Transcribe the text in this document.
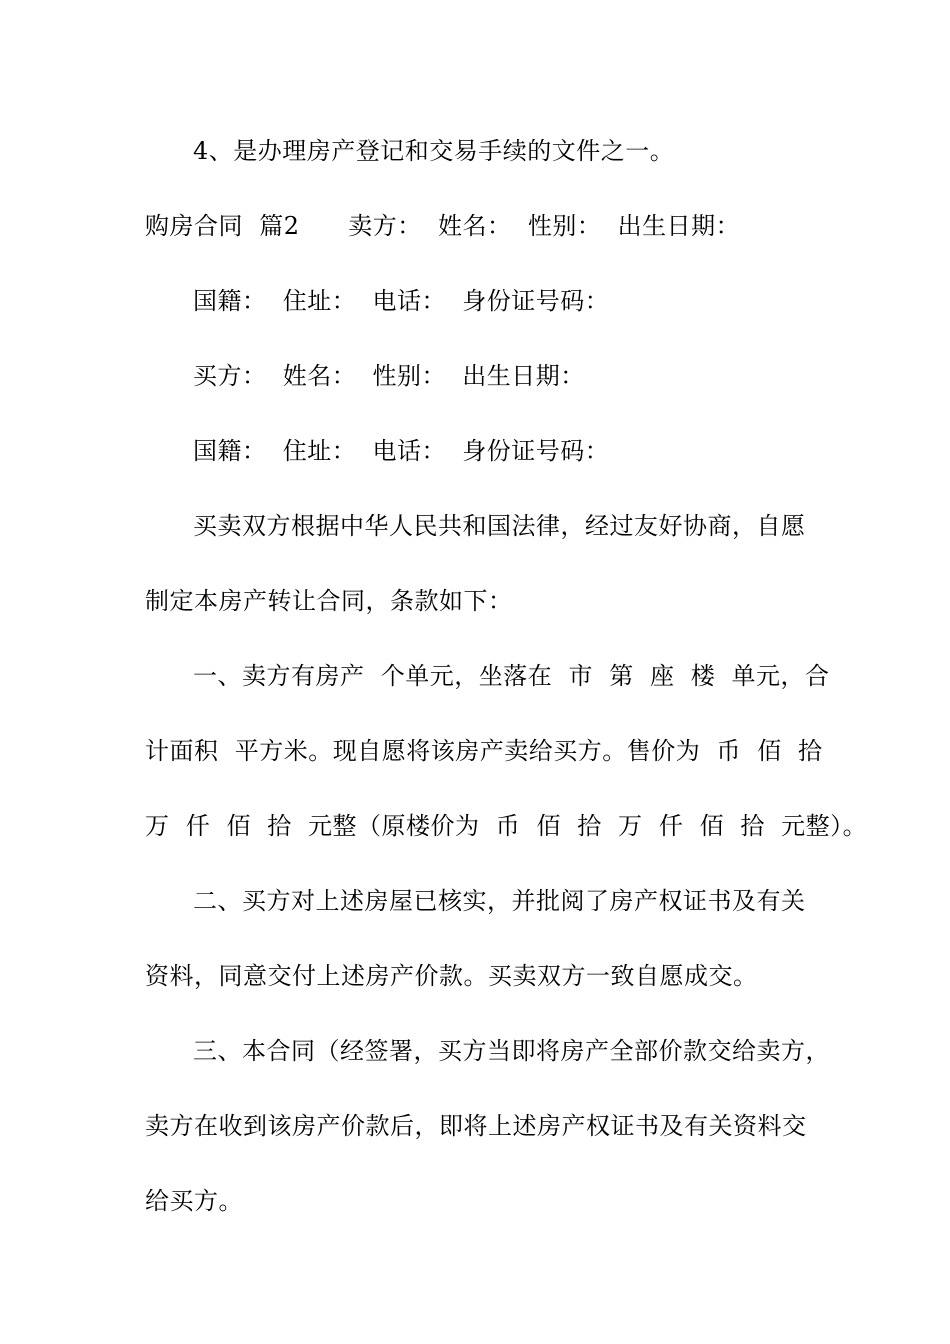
4、是办理房产登记和交易手续的文件之一。
购房合同  篇2      卖方：  姓名：  性别：  出生日期：
国籍：  住址：  电话：  身份证号码：
买方：  姓名：  性别：  出生日期：
国籍：  住址：  电话：  身份证号码：
买卖双方根据中华人民共和国法律，经过友好协商，自愿
制定本房产转让合同，条款如下：
一、卖方有房产  个单元，坐落在  市  第  座  楼  单元，合
计面积  平方米。现自愿将该房产卖给买方。售价为  币  佰  拾
万  仟  佰  拾  元整（原楼价为  币  佰  拾  万  仟  佰  拾  元整）。
二、买方对上述房屋已核实，并批阅了房产权证书及有关
资料，同意交付上述房产价款。买卖双方一致自愿成交。
三、本合同（经签署，买方当即将房产全部价款交给卖方，
卖方在收到该房产价款后，即将上述房产权证书及有关资料交
给买方。
